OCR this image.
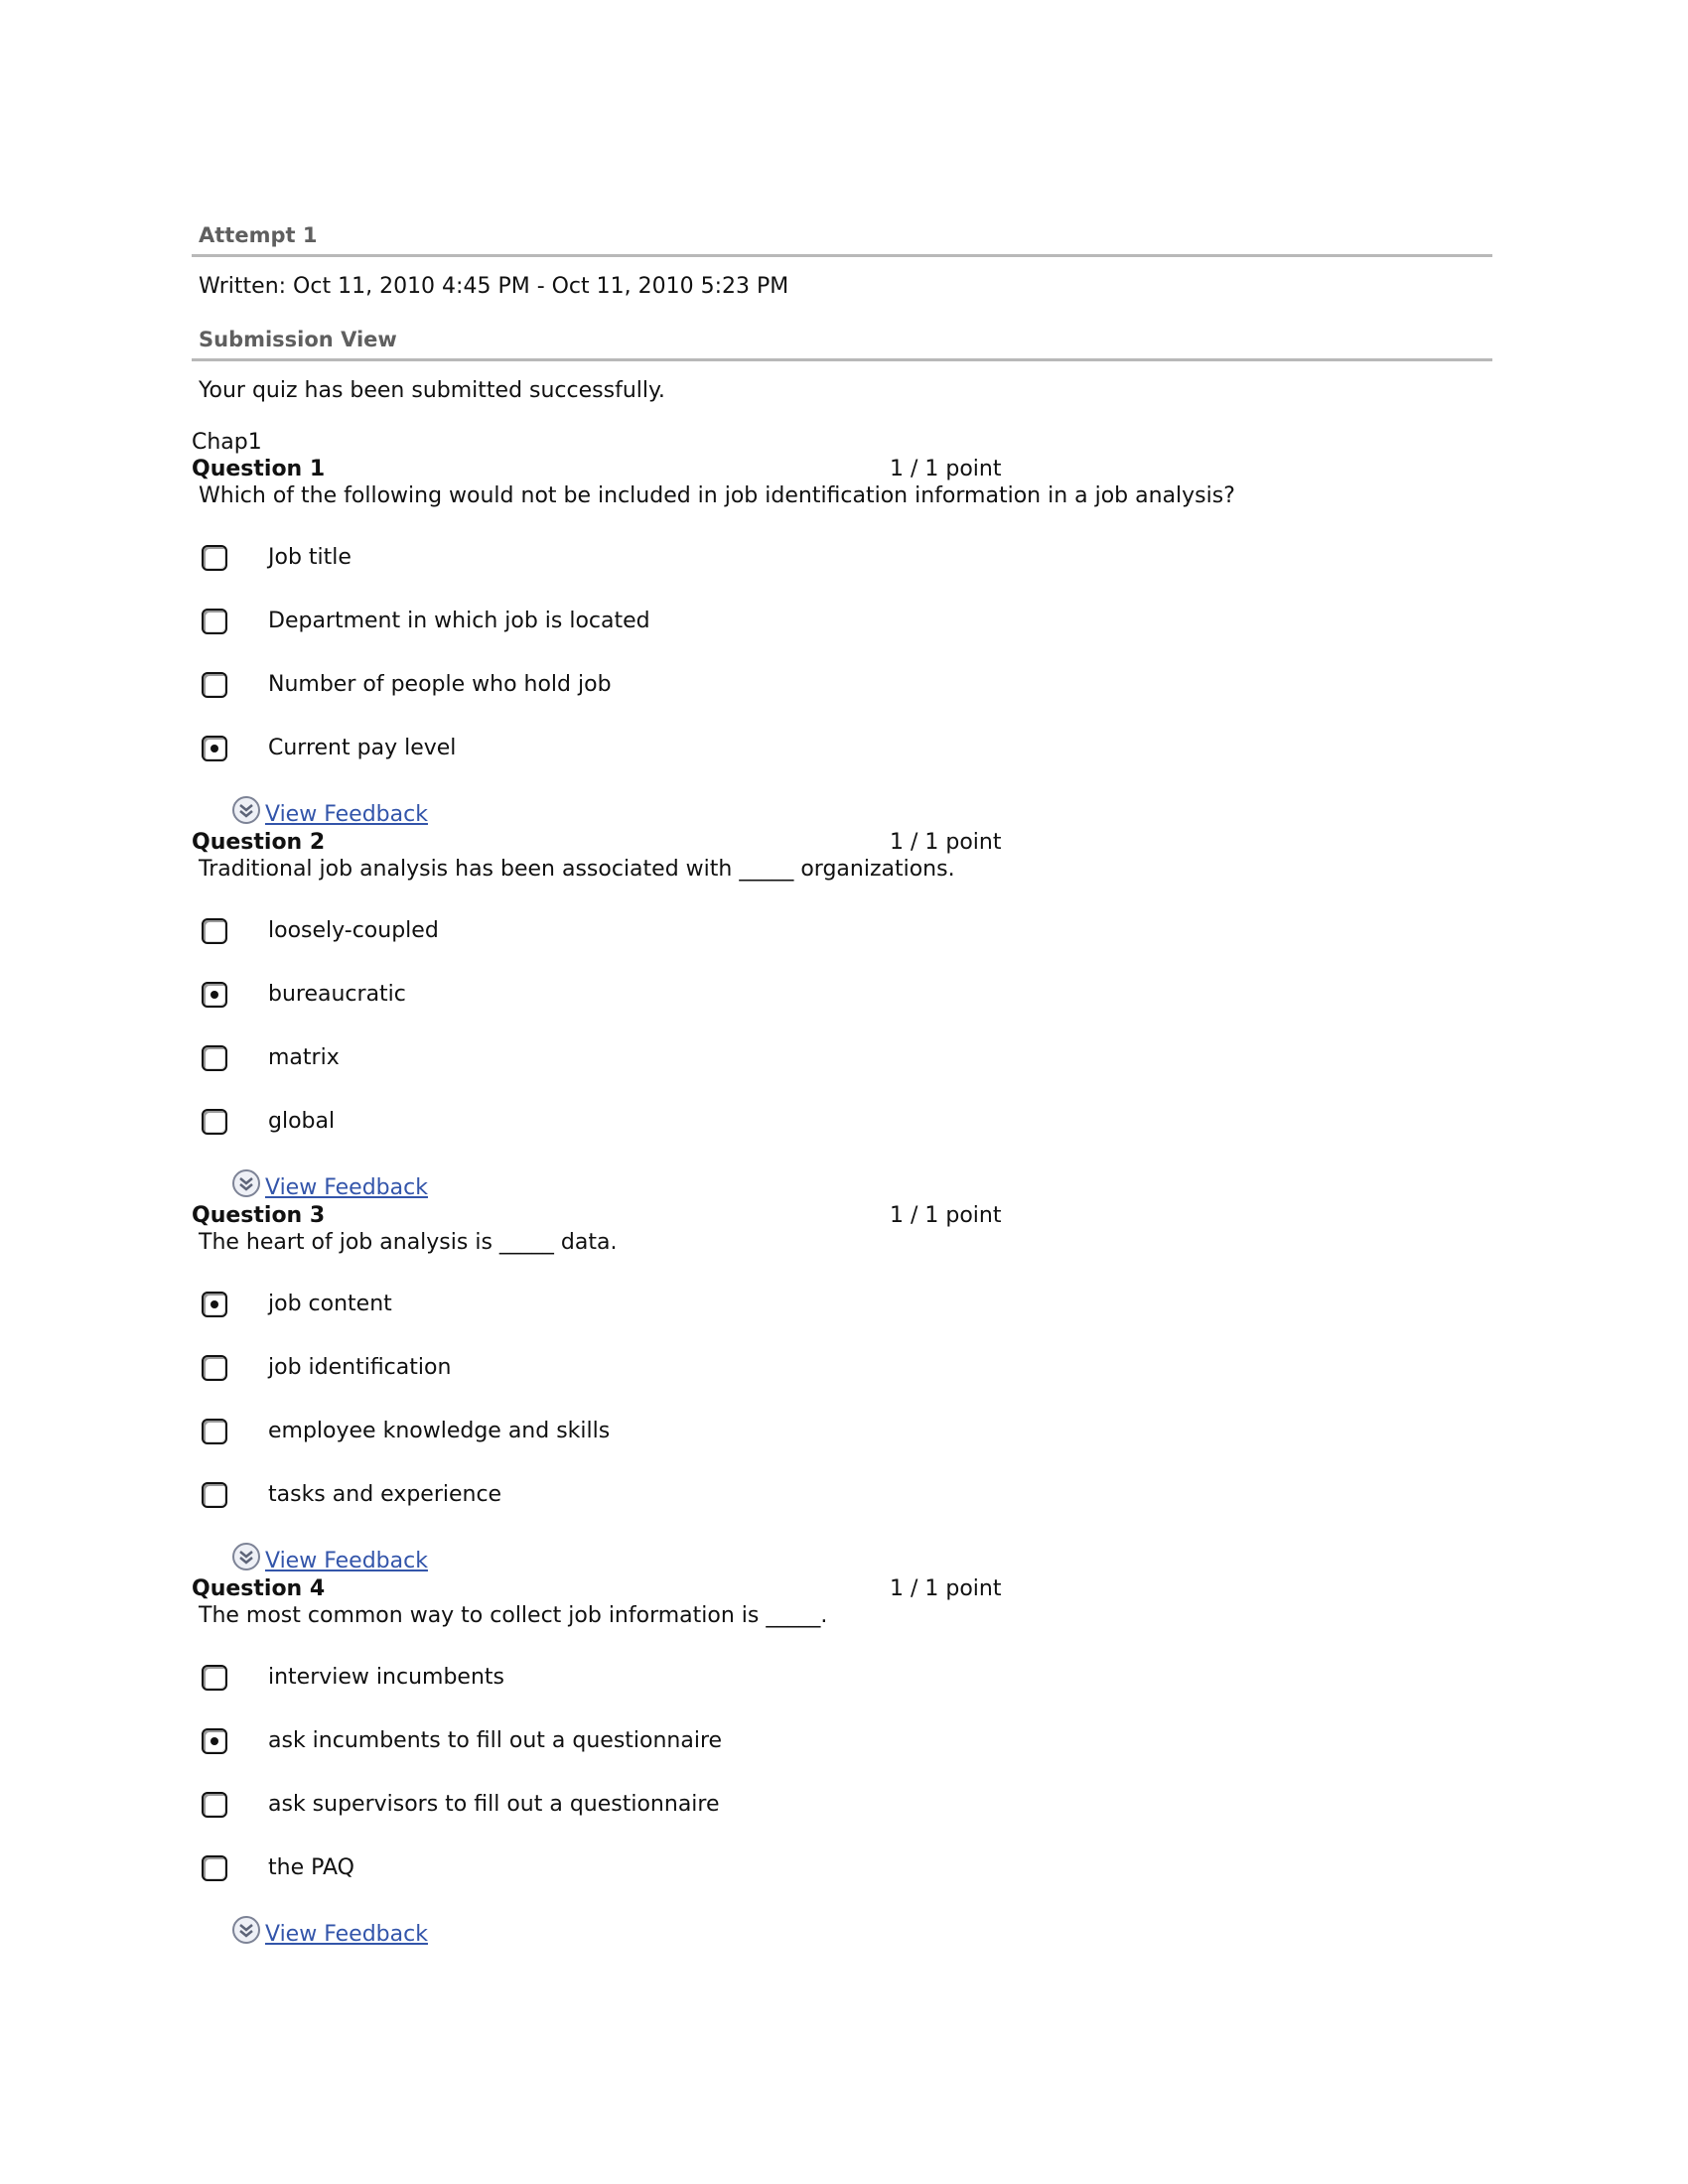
Attempt 1
Written: Oct 11, 2010 4:45 PM - Oct 11, 2010 5:23 PM
Submission View
Your quiz has been submitted successfully.
Chap1
Question 1	1 / 1 point
Which of the following would not be included in job identification information in a job analysis?
Job title
Department in which job is located
Number of people who hold job
Current pay level
View Feedback
Question 2	1 / 1 point
Traditional job analysis has been associated with _____ organizations.
loosely-coupled
bureaucratic
matrix
global
View Feedback
Question 3	1 / 1 point
The heart of job analysis is _____ data.
job content
job identification
employee knowledge and skills
tasks and experience
View Feedback
Question 4	1 / 1 point
The most common way to collect job information is _____.
interview incumbents
ask incumbents to fill out a questionnaire
ask supervisors to fill out a questionnaire
the PAQ
View Feedback
